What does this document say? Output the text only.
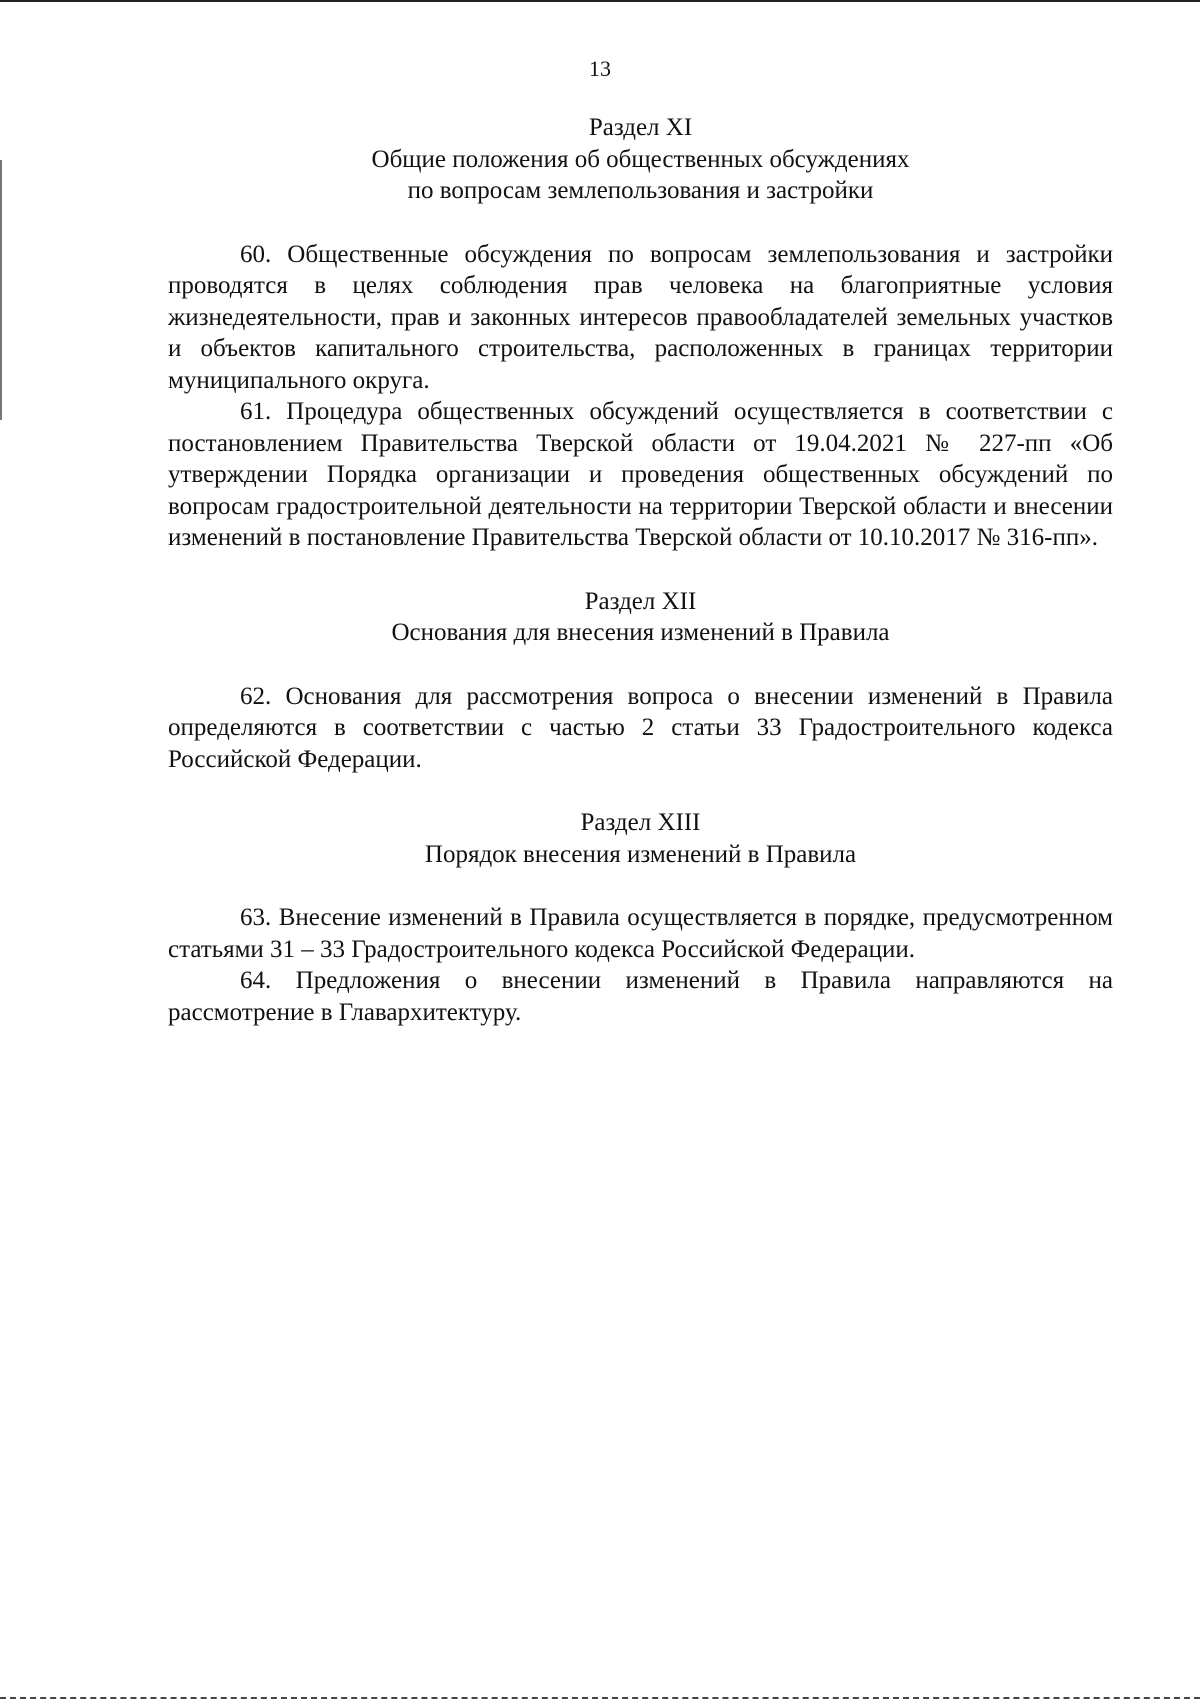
13
Раздел XI

Общие положения об общественных обсуждениях

по вопросам землепользования и застройки

60. Общественные обсуждения по вопросам землепользования и застройки проводятся в целях соблюдения прав человека на благоприятные условия жизнедеятельности, прав и законных интересов правообладателей земельных участков и объектов капитального строительства, расположенных в границах территории муниципального округа.

61. Процедура общественных обсуждений осуществляется в соответствии с постановлением Правительства Тверской области от 19.04.2021 № 227-пп «Об утверждении Порядка организации и проведения общественных обсуждений по вопросам градостроительной деятельности на территории Тверской области и внесении изменений в постановление Правительства Тверской области от 10.10.2017 № 316-пп».

Раздел XII

Основания для внесения изменений в Правила

62. Основания для рассмотрения вопроса о внесении изменений в Правила определяются в соответствии с частью 2 статьи 33 Градостроительного кодекса Российской Федерации.

Раздел XIII

Порядок внесения изменений в Правила

63. Внесение изменений в Правила осуществляется в порядке, предусмотренном статьями 31 – 33 Градостроительного кодекса Российской Федерации.

64. Предложения о внесении изменений в Правила направляются на рассмотрение в Главархитектуру.
